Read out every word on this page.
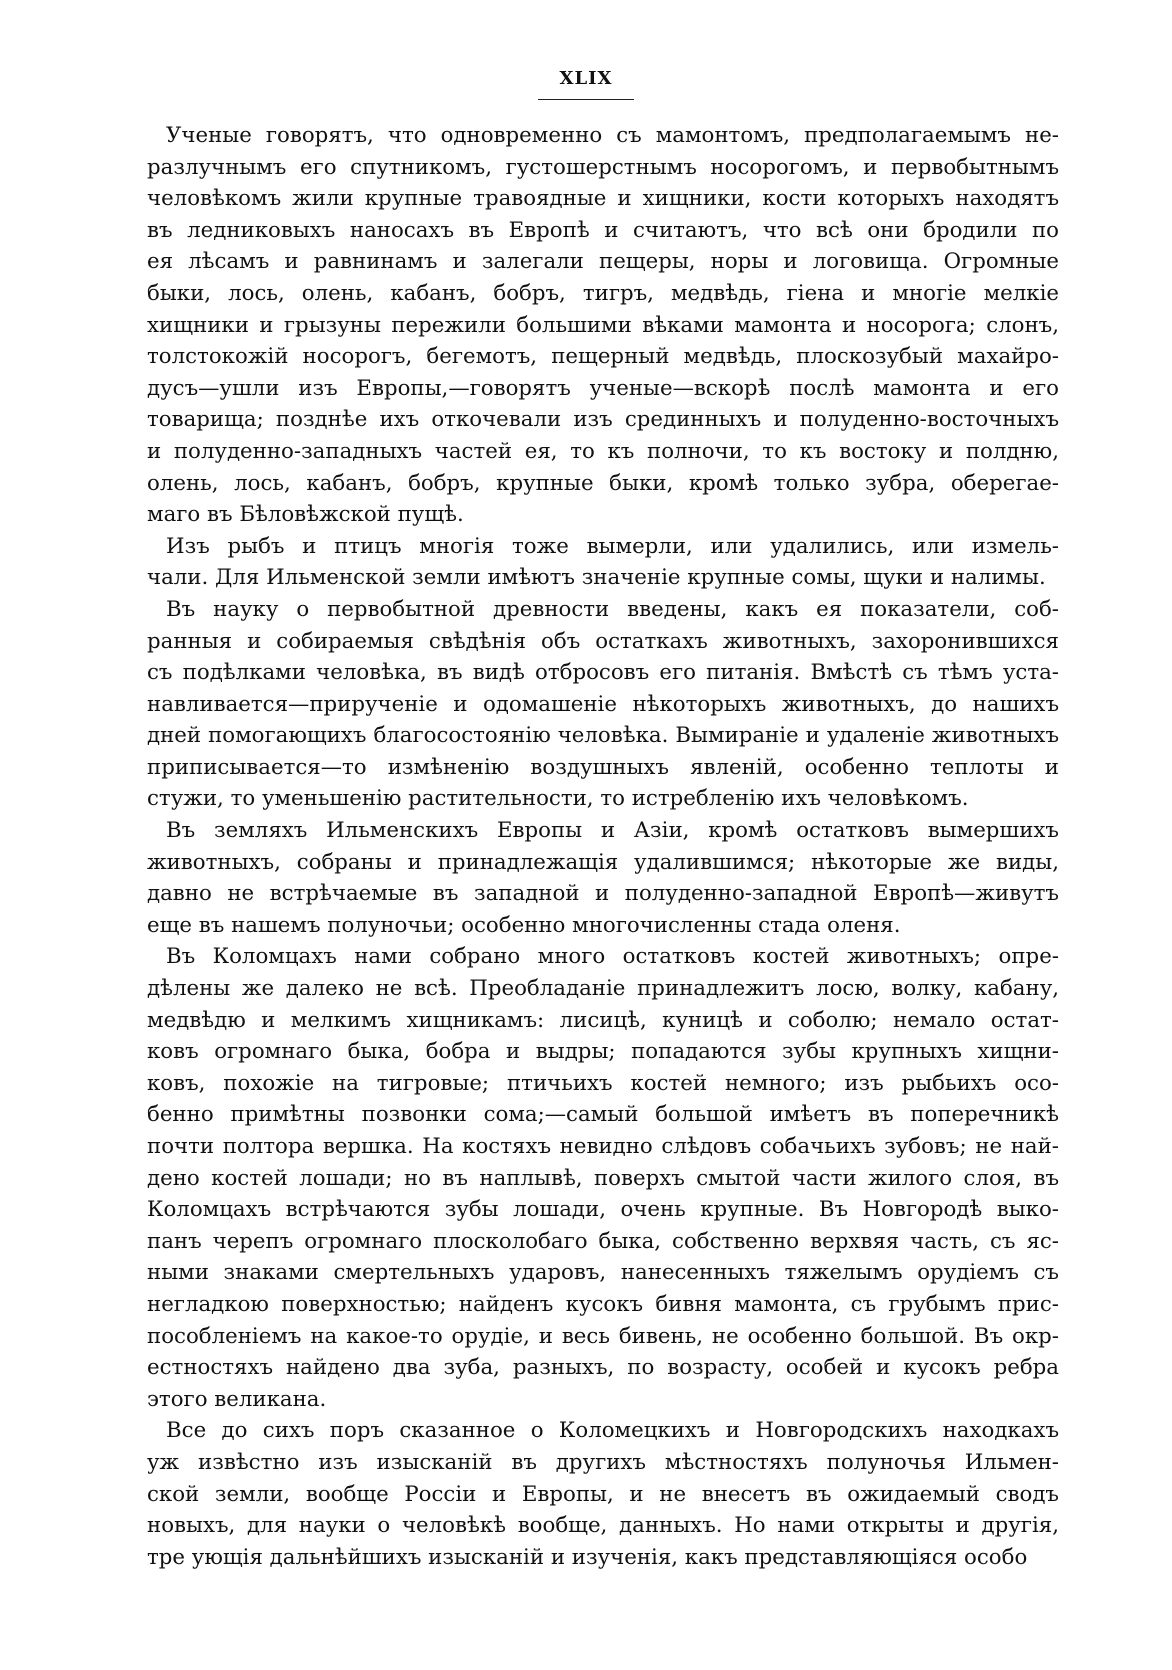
XLIX
Ученые говорятъ, что одновременно съ мамонтомъ, предполагаемымъ не-
разлучнымъ его спутникомъ, густошерстнымъ носорогомъ, и первобытнымъ
человѣкомъ жили крупные травоядные и хищники, кости которыхъ находятъ
въ ледниковыхъ наносахъ въ Европѣ и считаютъ, что всѣ они бродили по
ея лѣсамъ и равнинамъ и залегали пещеры, норы и логовища. Огромные
быки, лось, олень, кабанъ, бобръ, тигръ, медвѣдь, гіена и многіе мелкіе
хищники и грызуны пережили большими вѣками мамонта и носорога; слонъ,
толстокожій носорогъ, бегемотъ, пещерный медвѣдь, плоскозубый махайро-
дусъ—ушли изъ Европы,—говорятъ ученые—вскорѣ послѣ мамонта и его
товарища; позднѣе ихъ откочевали изъ срединныхъ и полуденно-восточныхъ
и полуденно-западныхъ частей ея, то къ полночи, то къ востоку и полдню,
олень, лось, кабанъ, бобръ, крупные быки, кромѣ только зубра, оберегае-
маго въ Бѣловѣжской пущѣ.
Изъ рыбъ и птицъ многія тоже вымерли, или удалились, или измель-
чали. Для Ильменской земли имѣютъ значеніе крупные сомы, щуки и налимы.
Въ науку о первобытной древности введены, какъ ея показатели, соб-
ранныя и собираемыя свѣдѣнія объ остаткахъ животныхъ, захоронившихся
съ подѣлками человѣка, въ видѣ отбросовъ его питанія. Вмѣстѣ съ тѣмъ уста-
навливается—прирученіе и одомашеніе нѣкоторыхъ животныхъ, до нашихъ
дней помогающихъ благосостоянію человѣка. Вымираніе и удаленіе животныхъ
приписывается—то измѣненію воздушныхъ явленій, особенно теплоты и
стужи, то уменьшенію растительности, то истребленію ихъ человѣкомъ.
Въ земляхъ Ильменскихъ Европы и Азіи, кромѣ остатковъ вымершихъ
животныхъ, собраны и принадлежащія удалившимся; нѣкоторые же виды,
давно не встрѣчаемые въ западной и полуденно-западной Европѣ—живутъ
еще въ нашемъ полуночьи; особенно многочисленны стада оленя.
Въ Коломцахъ нами собрано много остатковъ костей животныхъ; опре-
дѣлены же далеко не всѣ. Преобладаніе принадлежитъ лосю, волку, кабану,
медвѣдю и мелкимъ хищникамъ: лисицѣ, куницѣ и соболю; немало остат-
ковъ огромнаго быка, бобра и выдры; попадаются зубы крупныхъ хищни-
ковъ, похожіе на тигровые; птичьихъ костей немного; изъ рыбьихъ осо-
бенно примѣтны позвонки сома;—самый большой имѣетъ въ поперечникѣ
почти полтора вершка. На костяхъ невидно слѣдовъ собачьихъ зубовъ; не най-
дено костей лошади; но въ наплывѣ, поверхъ смытой части жилого слоя, въ
Коломцахъ встрѣчаются зубы лошади, очень крупные. Въ Новгородѣ выко-
панъ черепъ огромнаго плосколобаго быка, собственно верхвяя часть, съ яс-
ными знаками смертельныхъ ударовъ, нанесенныхъ тяжелымъ орудіемъ съ
негладкою поверхностью; найденъ кусокъ бивня мамонта, съ грубымъ прис-
пособленіемъ на какое-то орудіе, и весь бивень, не особенно большой. Въ окр-
естностяхъ найдено два зуба, разныхъ, по возрасту, особей и кусокъ ребра
этого великана.
Все до сихъ поръ сказанное о Коломецкихъ и Новгородскихъ находкахъ
уж извѣстно изъ изысканій въ другихъ мѣстностяхъ полуночья Ильмен-
ской земли, вообще Россіи и Европы, и не внесетъ въ ожидаемый сводъ
новыхъ, для науки о человѣкѣ вообще, данныхъ. Но нами открыты и другія,
тре ующія дальнѣйшихъ изысканій и изученія, какъ представляющіяся особо
